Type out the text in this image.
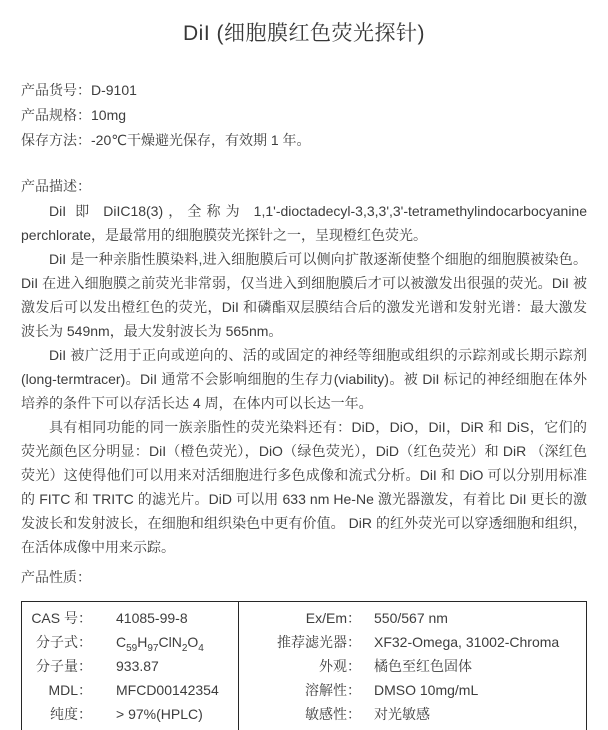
DiI (细胞膜红色荧光探针)
产品货号：D-9101
产品规格：10mg
保存方法：-20℃干燥避光保存，有效期 1 年。
产品描述：

DiI 即 DiIC18(3)，全称为 1,1'-dioctadecyl-3,3,3',3'-tetramethylindocarbocyanine perchlorate，是最常用的细胞膜荧光探针之一，呈现橙红色荧光。

DiI 是一种亲脂性膜染料,进入细胞膜后可以侧向扩散逐渐使整个细胞的细胞膜被染色。DiI 在进入细胞膜之前荧光非常弱，仅当进入到细胞膜后才可以被激发出很强的荧光。DiI 被激发后可以发出橙红色的荧光，DiI 和磷酯双层膜结合后的激发光谱和发射光谱：最大激发波长为 549nm，最大发射波长为 565nm。

DiI 被广泛用于正向或逆向的、活的或固定的神经等细胞或组织的示踪剂或长期示踪剂(long-termtracer)。DiI 通常不会影响细胞的生存力(viability)。被 DiI 标记的神经细胞在体外培养的条件下可以存活长达 4 周，在体内可以长达一年。

具有相同功能的同一族亲脂性的荧光染料还有：DiD，DiO，DiI，DiR 和 DiS，它们的荧光颜色区分明显：DiI（橙色荧光），DiO（绿色荧光），DiD（红色荧光）和 DiR （深红色荧光）这使得他们可以用来对活细胞进行多色成像和流式分析。DiI 和 DiO 可以分别用标准的 FITC 和 TRITC 的滤光片。DiD 可以用 633 nm He-Ne 激光器激发，有着比 DiI 更长的激发波长和发射波长，在细胞和组织染色中更有价值。 DiR 的红外荧光可以穿透细胞和组织，在活体成像中用来示踪。

产品性质：
CAS 号： 41085-99-8
分子式： $C_{59}H_{97}ClN_2O_4$
分子量： 933.87
MDL： MFCD00142354
纯度： > 97%(HPLC)
Ex/Em： 550/567 nm
推荐滤光器： XF32-Omega, 31002-Chroma
外观： 橘色至红色固体
溶解性： DMSO 10mg/mL
敏感性： 对光敏感
